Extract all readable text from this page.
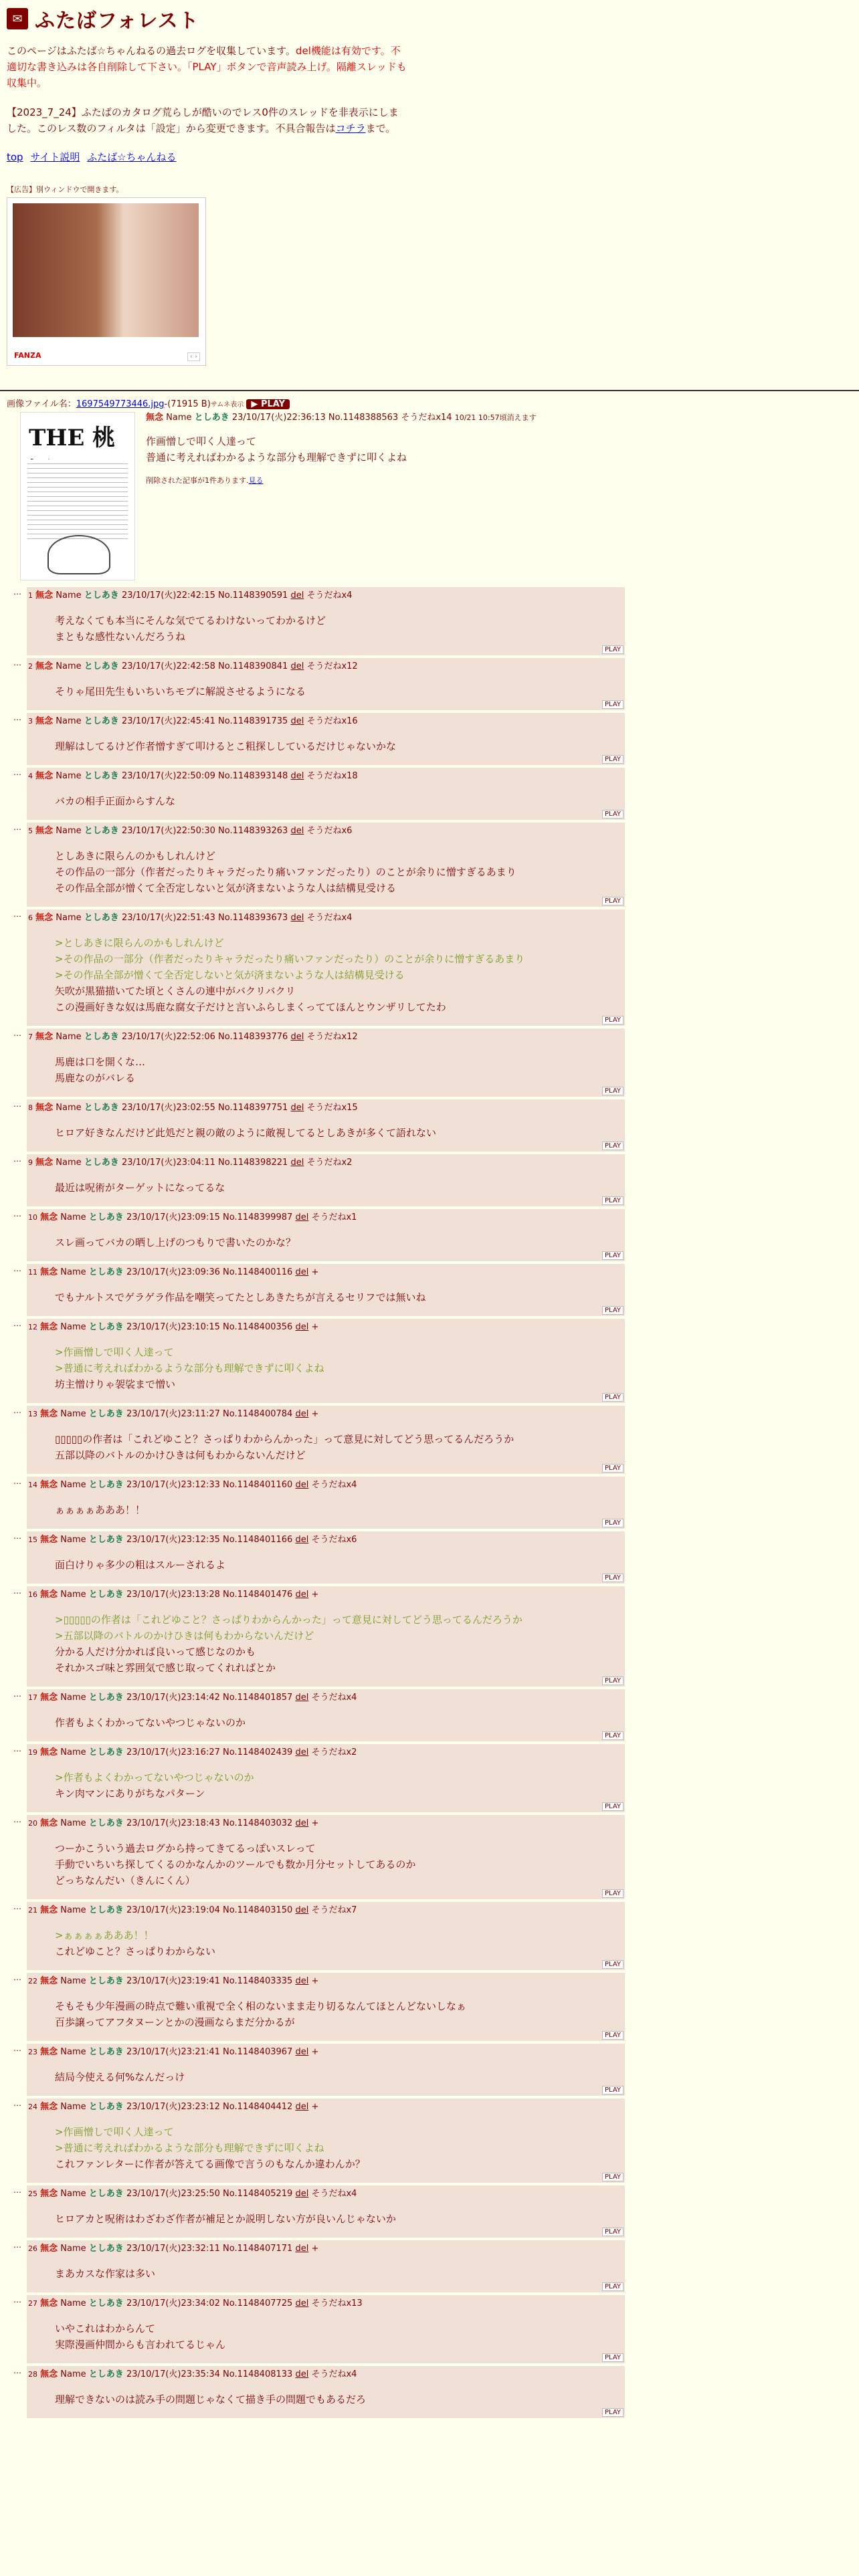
✉ ふたばフォレスト

このページはふたば☆ちゃんねるの過去ログを収集しています。del機能は有効です。不適切な書き込みは各自削除して下さい。「PLAY」ボタンで音声読み上げ。隔離スレッドも収集中。

【2023_7_24】ふたばのカタログ荒らしが酷いのでレス0件のスレッドを非表示にしました。このレス数のフィルタは「設定」から変更できます。不具合報告はコチラまで。

top サイト説明 ふたば☆ちゃんねる
【広告】別ウィンドウで開きます。
FANZA	‹ ›
画像ファイル名：1697549773446.jpg-(71915 B)サムネ表示 ▶ PLAY
THE 桃
無念 Name としあき 23/10/17(火)22:36:13 No.1148388563 そうだねx14 10/21 10:57頃消えます
作画憎しで叩く人達って
普通に考えればわかるような部分も理解できずに叩くよね
削除された記事が1件あります.見る
… 1 無念 Name としあき 23/10/17(火)22:42:15 No.1148390591 del そうだねx4
考えなくても本当にそんな気でてるわけないってわかるけど
まともな感性ないんだろうね
PLAY
… 2 無念 Name としあき 23/10/17(火)22:42:58 No.1148390841 del そうだねx12
そりゃ尾田先生もいちいちモブに解説させるようになる
PLAY
… 3 無念 Name としあき 23/10/17(火)22:45:41 No.1148391735 del そうだねx16
理解はしてるけど作者憎すぎて叩けるとこ粗探ししているだけじゃないかな
PLAY
… 4 無念 Name としあき 23/10/17(火)22:50:09 No.1148393148 del そうだねx18
バカの相手正面からすんな
PLAY
… 5 無念 Name としあき 23/10/17(火)22:50:30 No.1148393263 del そうだねx6
としあきに限らんのかもしれんけど
その作品の一部分（作者だったりキャラだったり痛いファンだったり）のことが余りに憎すぎるあまり
その作品全部が憎くて全否定しないと気が済まないような人は結構見受ける
PLAY
… 6 無念 Name としあき 23/10/17(火)22:51:43 No.1148393673 del そうだねx4
>としあきに限らんのかもしれんけど
>その作品の一部分（作者だったりキャラだったり痛いファンだったり）のことが余りに憎すぎるあまり
>その作品全部が憎くて全否定しないと気が済まないような人は結構見受ける
矢吹が黒猫描いてた頃とくさんの連中がバクリバクリ
この漫画好きな奴は馬鹿な腐女子だけと言いふらしまくっててほんとウンザリしてたわ
PLAY
… 7 無念 Name としあき 23/10/17(火)22:52:06 No.1148393776 del そうだねx12
馬鹿は口を開くな…
馬鹿なのがバレる
PLAY
… 8 無念 Name としあき 23/10/17(火)23:02:55 No.1148397751 del そうだねx15
ヒロア好きなんだけど此処だと親の敵のように敵視してるとしあきが多くて語れない
PLAY
… 9 無念 Name としあき 23/10/17(火)23:04:11 No.1148398221 del そうだねx2
最近は呪術がターゲットになってるな
PLAY
… 10 無念 Name としあき 23/10/17(火)23:09:15 No.1148399987 del そうだねx1
スレ画ってバカの晒し上げのつもりで書いたのかな？
PLAY
… 11 無念 Name としあき 23/10/17(火)23:09:36 No.1148400116 del +
でもナルトスでゲラゲラ作品を嘲笑ってたとしあきたちが言えるセリフでは無いね
PLAY
… 12 無念 Name としあき 23/10/17(火)23:10:15 No.1148400356 del +
>作画憎しで叩く人達って
>普通に考えればわかるような部分も理解できずに叩くよね
坊主憎けりゃ袈裟まで憎い
PLAY
… 13 無念 Name としあき 23/10/17(火)23:11:27 No.1148400784 del +
▯▯▯▯▯の作者は「これどゆこと？さっぱりわからんかった」って意見に対してどう思ってるんだろうか
五部以降のバトルのかけひきは何もわからないんだけど
PLAY
… 14 無念 Name としあき 23/10/17(火)23:12:33 No.1148401160 del そうだねx4
ぁぁぁぁあああ！！
PLAY
… 15 無念 Name としあき 23/10/17(火)23:12:35 No.1148401166 del そうだねx6
面白けりゃ多少の粗はスルーされるよ
PLAY
… 16 無念 Name としあき 23/10/17(火)23:13:28 No.1148401476 del +
>▯▯▯▯▯の作者は「これどゆこと？さっぱりわからんかった」って意見に対してどう思ってるんだろうか
>五部以降のバトルのかけひきは何もわからないんだけど
分かる人だけ分かれば良いって感じなのかも
それかスゴ味と雰囲気で感じ取ってくれればとか
PLAY
… 17 無念 Name としあき 23/10/17(火)23:14:42 No.1148401857 del そうだねx4
作者もよくわかってないやつじゃないのか
PLAY
… 19 無念 Name としあき 23/10/17(火)23:16:27 No.1148402439 del そうだねx2
>作者もよくわかってないやつじゃないのか
キン肉マンにありがちなパターン
PLAY
… 20 無念 Name としあき 23/10/17(火)23:18:43 No.1148403032 del +
つーかこういう過去ログから持ってきてるっぽいスレって
手動でいちいち探してくるのかなんかのツールでも数か月分セットしてあるのか
どっちなんだい（きんにくん）
PLAY
… 21 無念 Name としあき 23/10/17(火)23:19:04 No.1148403150 del そうだねx7
>ぁぁぁぁあああ！！
これどゆこと？さっぱりわからない
PLAY
… 22 無念 Name としあき 23/10/17(火)23:19:41 No.1148403335 del +
そもそも少年漫画の時点で難い重視で全く相のないまま走り切るなんてほとんどないしなぁ
百歩譲ってアフタヌーンとかの漫画ならまだ分かるが
PLAY
… 23 無念 Name としあき 23/10/17(火)23:21:41 No.1148403967 del +
結局今使える何%なんだっけ
PLAY
… 24 無念 Name としあき 23/10/17(火)23:23:12 No.1148404412 del +
>作画憎しで叩く人達って
>普通に考えればわかるような部分も理解できずに叩くよね
これファンレターに作者が答えてる画像で言うのもなんか違わんか？
PLAY
… 25 無念 Name としあき 23/10/17(火)23:25:50 No.1148405219 del そうだねx4
ヒロアカと呪術はわざわざ作者が補足とか説明しない方が良いんじゃないか
PLAY
… 26 無念 Name としあき 23/10/17(火)23:32:11 No.1148407171 del +
まあカスな作家は多い
PLAY
… 27 無念 Name としあき 23/10/17(火)23:34:02 No.1148407725 del そうだねx13
いやこれはわからんて
実際漫画仲間からも言われてるじゃん
PLAY
… 28 無念 Name としあき 23/10/17(火)23:35:34 No.1148408133 del そうだねx4
理解できないのは読み手の問題じゃなくて描き手の問題でもあるだろ
PLAY
